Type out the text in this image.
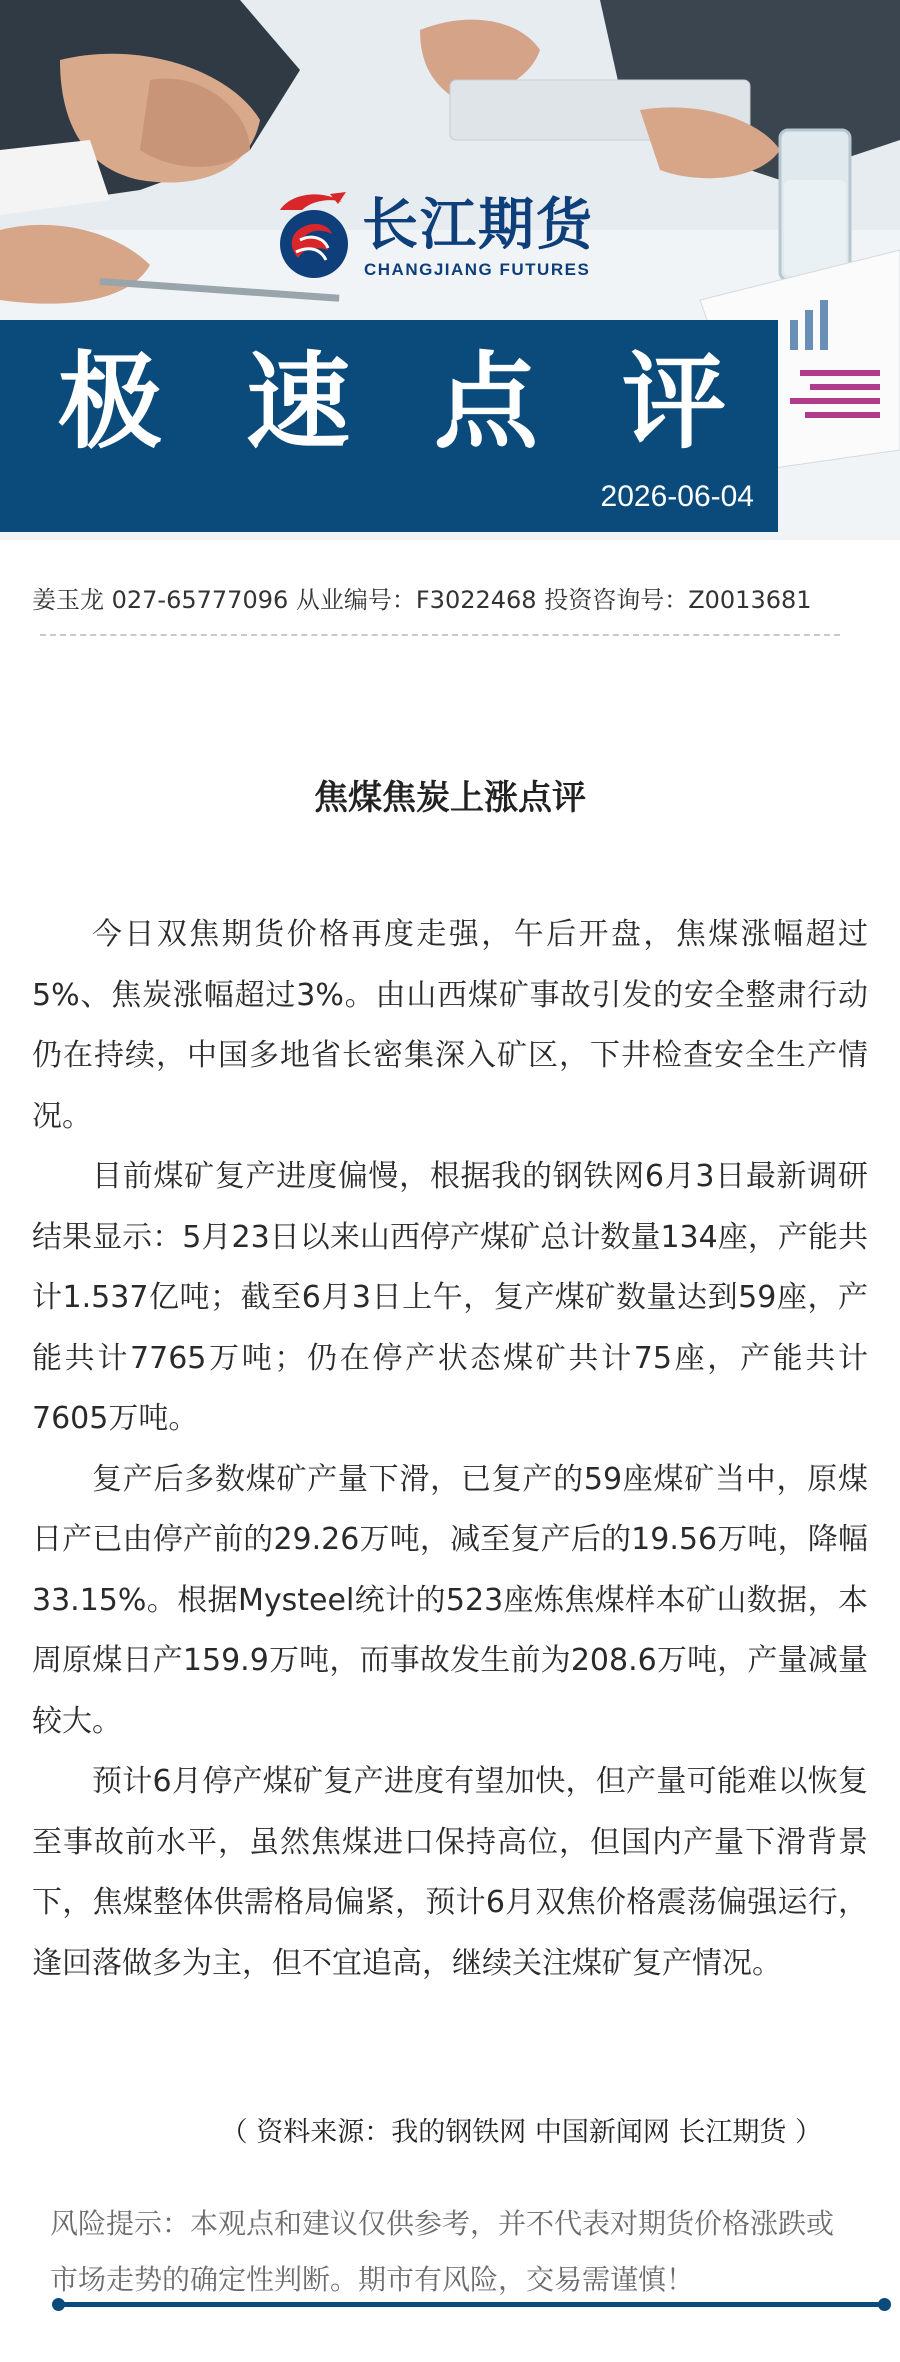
长江期货
CHANGJIANG FUTURES
极 速 点 评
2026-06-04
姜玉龙 027-65777096 从业编号：F3022468 投资咨询号：Z0013681
焦煤焦炭上涨点评

今日双焦期货价格再度走强，午后开盘，焦煤涨幅超过5%、焦炭涨幅超过3%。由山西煤矿事故引发的安全整肃行动仍在持续，中国多地省长密集深入矿区，下井检查安全生产情况。

目前煤矿复产进度偏慢，根据我的钢铁网6月3日最新调研结果显示：5月23日以来山西停产煤矿总计数量134座，产能共计1.537亿吨；截至6月3日上午，复产煤矿数量达到59座，产能共计7765万吨；仍在停产状态煤矿共计75座，产能共计7605万吨。

复产后多数煤矿产量下滑，已复产的59座煤矿当中，原煤日产已由停产前的29.26万吨，减至复产后的19.56万吨，降幅33.15%。根据Mysteel统计的523座炼焦煤样本矿山数据，本周原煤日产159.9万吨，而事故发生前为208.6万吨，产量减量较大。

预计6月停产煤矿复产进度有望加快，但产量可能难以恢复至事故前水平，虽然焦煤进口保持高位，但国内产量下滑背景下，焦煤整体供需格局偏紧，预计6月双焦价格震荡偏强运行，逢回落做多为主，但不宜追高，继续关注煤矿复产情况。

（ 资料来源：我的钢铁网 中国新闻网 长江期货 ）
风险提示：本观点和建议仅供参考，并不代表对期货价格涨跌或市场走势的确定性判断。期市有风险，交易需谨慎！
